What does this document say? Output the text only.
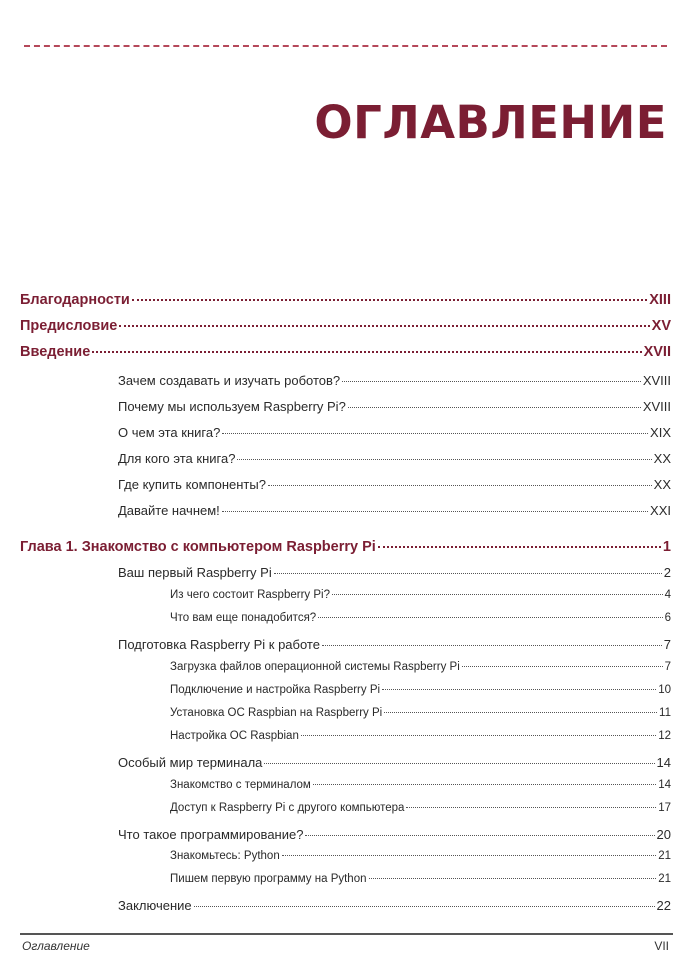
ОГЛАВЛЕНИЕ
Благодарности	XIII
Предисловие	XV
Введение	XVII
Зачем создавать и изучать роботов?	XVIII
Почему мы используем Raspberry Pi?	XVIII
О чем эта книга?	XIX
Для кого эта книга?	XX
Где купить компоненты?	XX
Давайте начнем!	XXI
Глава 1. Знакомство с компьютером Raspberry Pi	1
Ваш первый Raspberry Pi	2
Из чего состоит Raspberry Pi?	4
Что вам еще понадобится?	6
Подготовка Raspberry Pi к работе	7
Загрузка файлов операционной системы Raspberry Pi	7
Подключение и настройка Raspberry Pi	10
Установка ОС Raspbian на Raspberry Pi	11
Настройка ОС Raspbian	12
Особый мир терминала	14
Знакомство с терминалом	14
Доступ к Raspberry Pi с другого компьютера	17
Что такое программирование?	20
Знакомьтесь: Python	21
Пишем первую программу на Python	21
Заключение	22
Оглавление	VII
